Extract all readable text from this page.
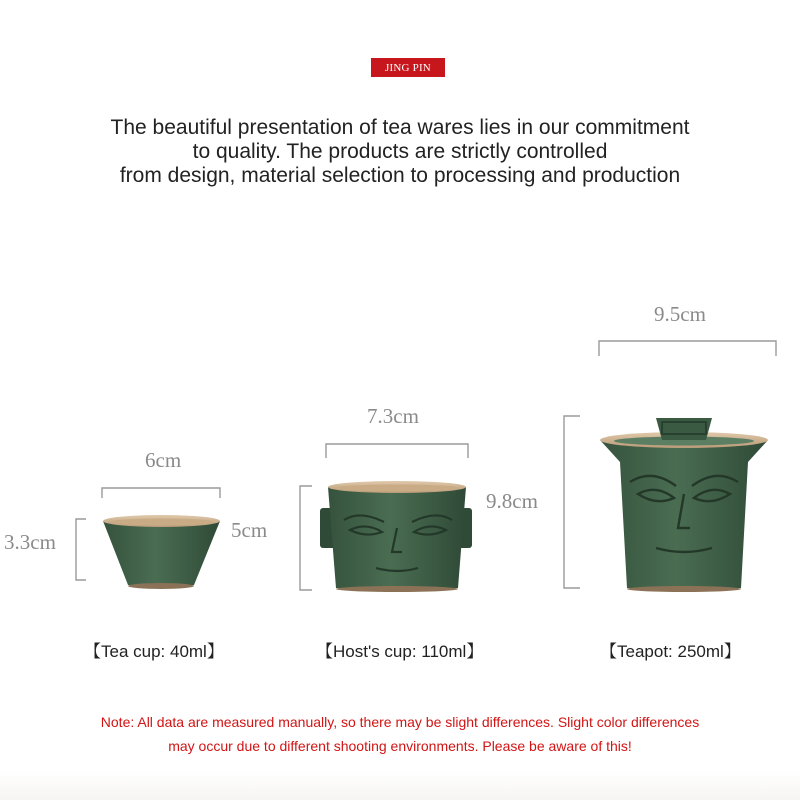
JING PIN

The beautiful presentation of tea wares lies in our commitment
to quality. The products are strictly controlled
from design, material selection to processing and production

6cm
3.3cm	5cm
7.3cm
9.5cm
9.8cm
【Tea cup: 40ml】	【Host's cup: 110ml】	【Teapot: 250ml】

Note: All data are measured manually, so there may be slight differences. Slight color differences
may occur due to different shooting environments. Please be aware of this!
